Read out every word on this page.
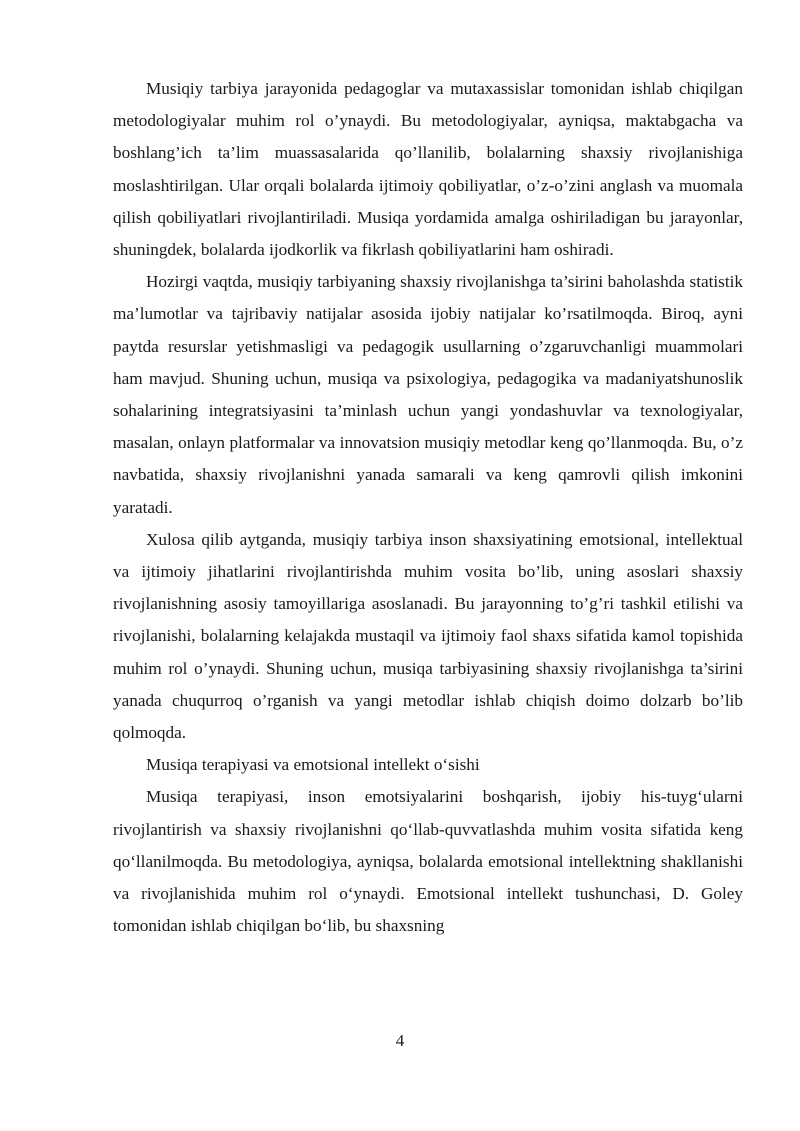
Musiqiy tarbiya jarayonida pedagoglar va mutaxassislar tomonidan ishlab chiqilgan metodologiyalar muhim rol o’ynaydi. Bu metodologiyalar, ayniqsa, maktabgacha va boshlang’ich ta’lim muassasalarida qo’llanilib, bolalarning shaxsiy rivojlanishiga moslashtirilgan. Ular orqali bolalarda ijtimoiy qobiliyatlar, o’z-o’zini anglash va muomala qilish qobiliyatlari rivojlantiriladi. Musiqa yordamida amalga oshiriladigan bu jarayonlar, shuningdek, bolalarda ijodkorlik va fikrlash qobiliyatlarini ham oshiradi.

Hozirgi vaqtda, musiqiy tarbiyaning shaxsiy rivojlanishga ta’sirini baholashda statistik ma’lumotlar va tajribaviy natijalar asosida ijobiy natijalar ko’rsatilmoqda. Biroq, ayni paytda resurslar yetishmasligi va pedagogik usullarning o’zgaruvchanligi muammolari ham mavjud. Shuning uchun, musiqa va psixologiya, pedagogika va madaniyatshunoslik sohalarining integratsiyasini ta’minlash uchun yangi yondashuvlar va texnologiyalar, masalan, onlayn platformalar va innovatsion musiqiy metodlar keng qo’llanmoqda. Bu, o’z navbatida, shaxsiy rivojlanishni yanada samarali va keng qamrovli qilish imkonini yaratadi.

Xulosa qilib aytganda, musiqiy tarbiya inson shaxsiyatining emotsional, intellektual va ijtimoiy jihatlarini rivojlantirishda muhim vosita bo’lib, uning asoslari shaxsiy rivojlanishning asosiy tamoyillariga asoslanadi. Bu jarayonning to’g’ri tashkil etilishi va rivojlanishi, bolalarning kelajakda mustaqil va ijtimoiy faol shaxs sifatida kamol topishida muhim rol o’ynaydi. Shuning uchun, musiqa tarbiyasining shaxsiy rivojlanishga ta’sirini yanada chuqurroq o’rganish va yangi metodlar ishlab chiqish doimo dolzarb bo’lib qolmoqda.

Musiqa terapiyasi va emotsional intellekt o‘sishi

Musiqa terapiyasi, inson emotsiyalarini boshqarish, ijobiy his-tuyg‘ularni rivojlantirish va shaxsiy rivojlanishni qo‘llab-quvvatlashda muhim vosita sifatida keng qo‘llanilmoqda. Bu metodologiya, ayniqsa, bolalarda emotsional intellektning shakllanishi va rivojlanishida muhim rol o‘ynaydi. Emotsional intellekt tushunchasi, D. Goley tomonidan ishlab chiqilgan bo‘lib, bu shaxsning

4
